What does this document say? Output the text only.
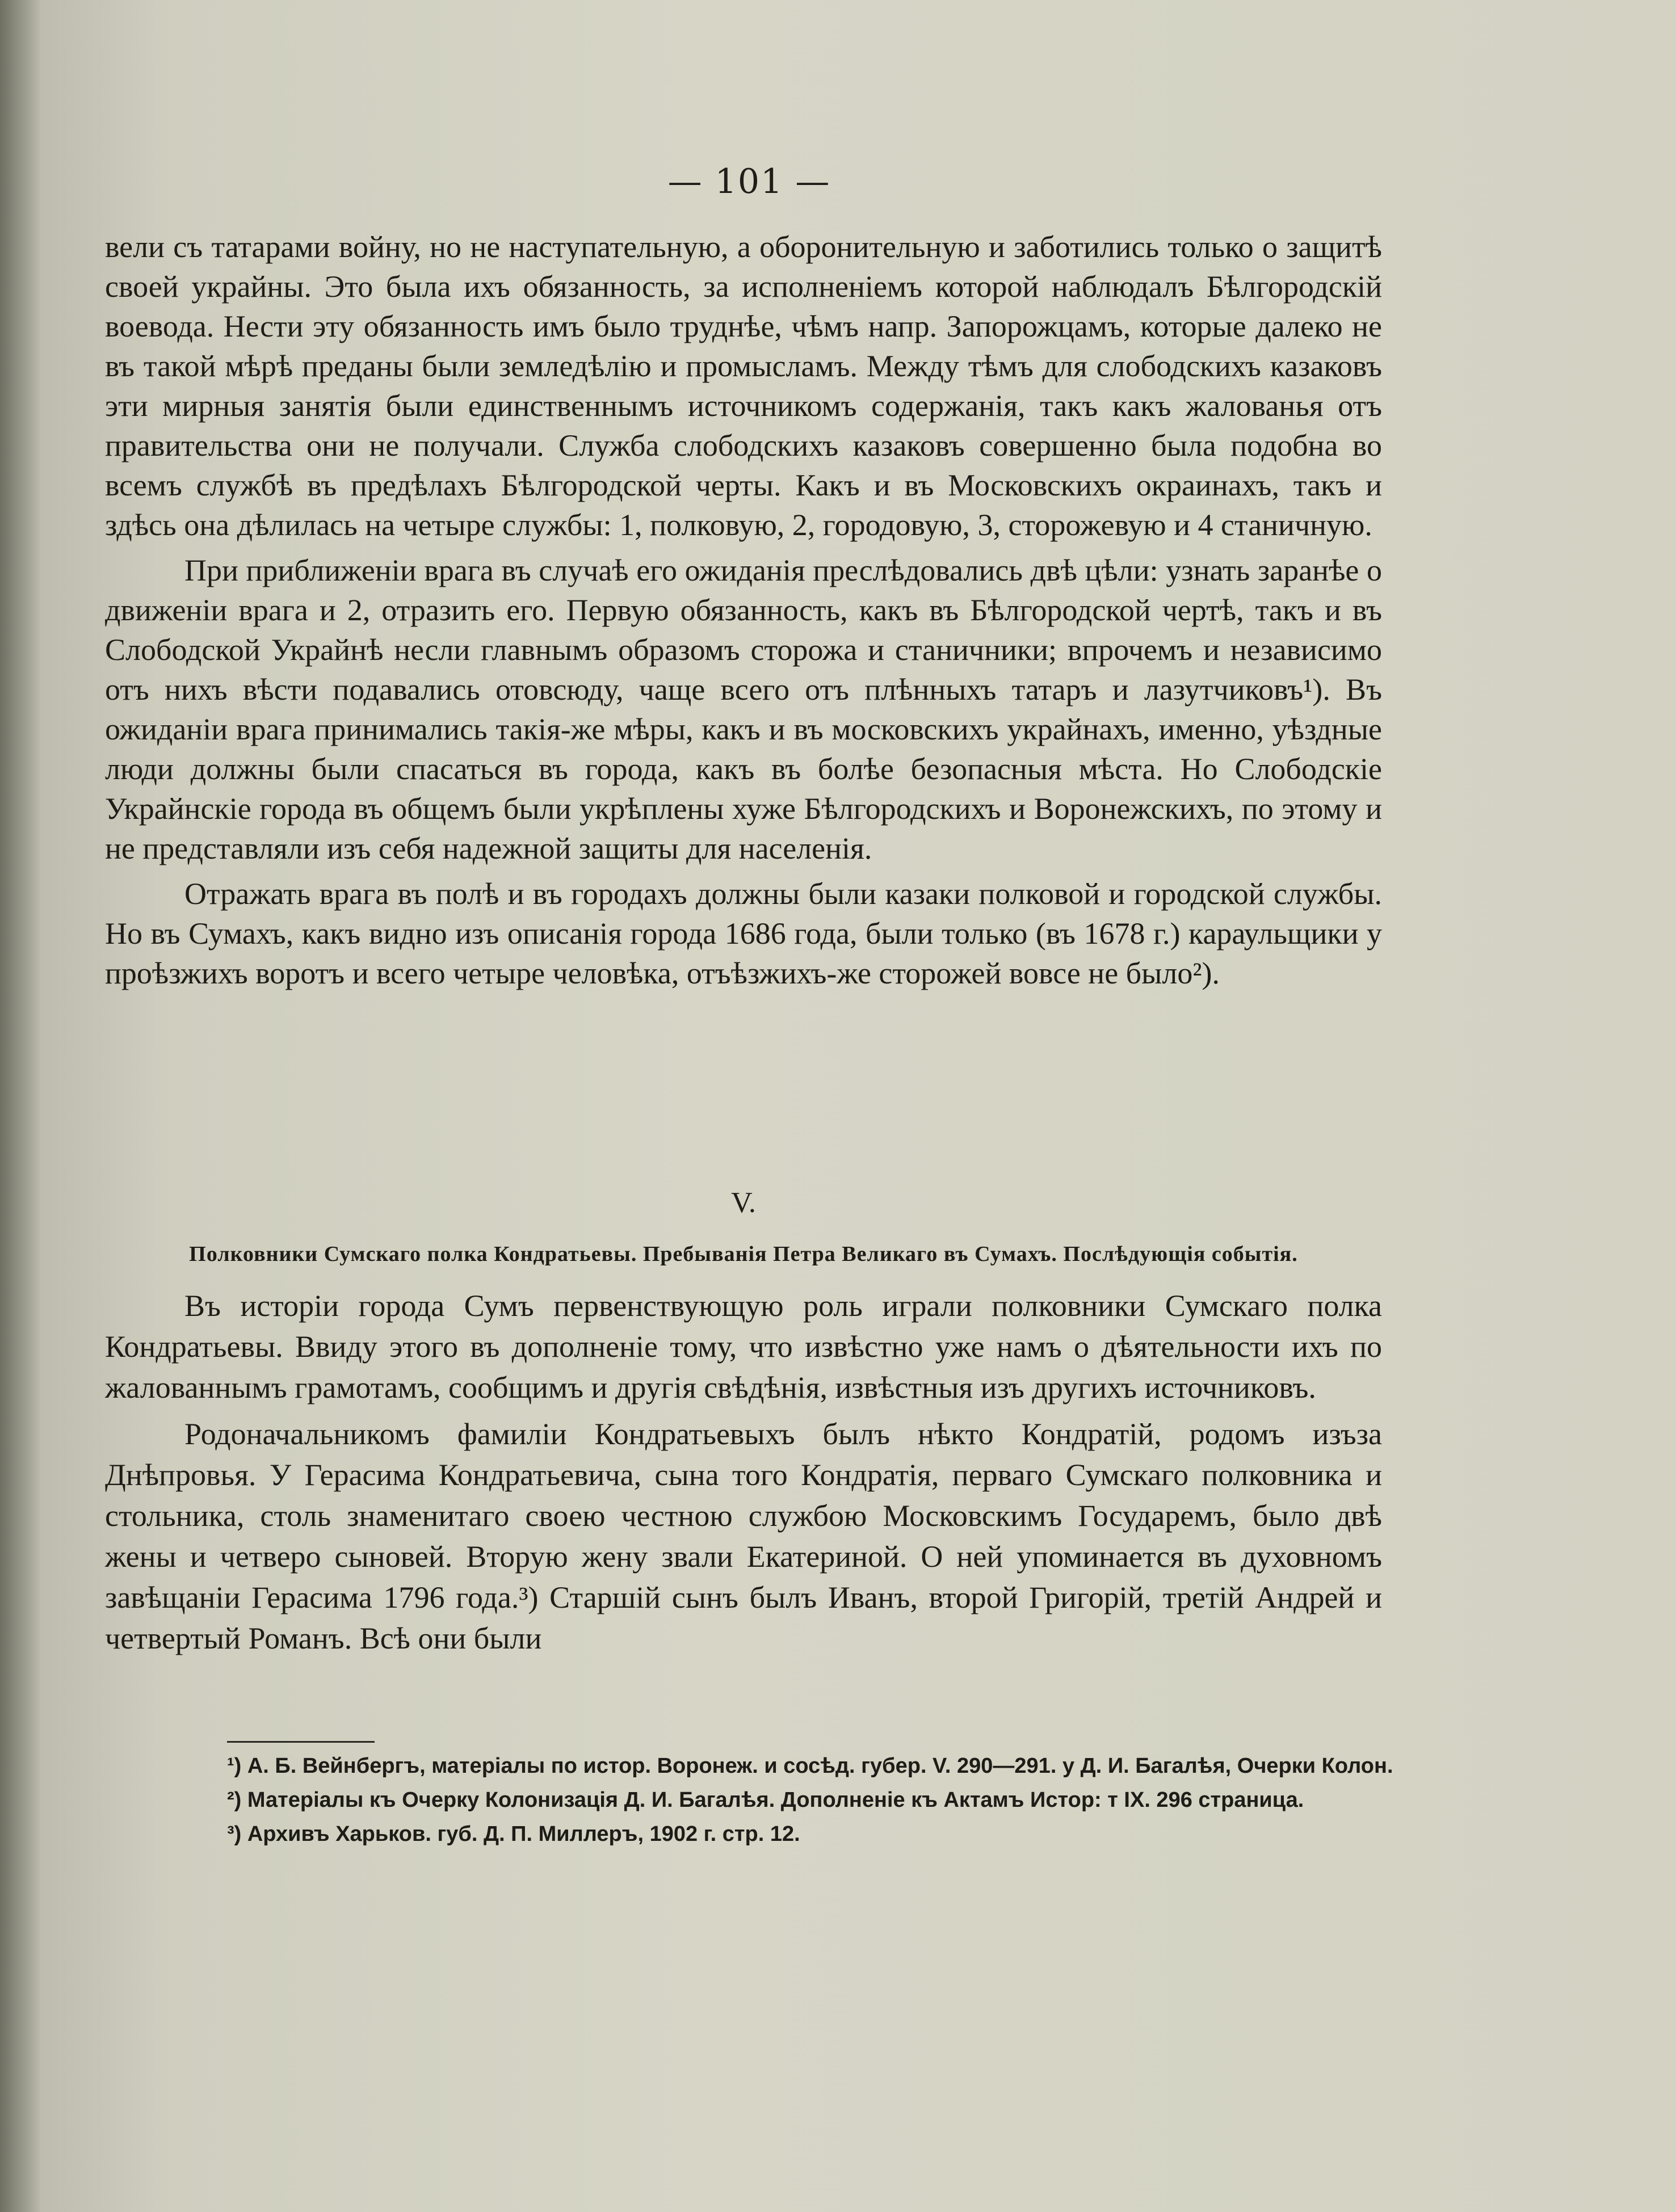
— 101 —

вели съ татарами войну, но не наступательную, а оборонительную и заботились только о защитѣ своей украйны. Это была ихъ обязанность, за исполненіемъ которой наблюдалъ Бѣлгородскій воевода. Нести эту обязанность имъ было труднѣе, чѣмъ напр. Запорожцамъ, которые далеко не въ такой мѣрѣ преданы были земледѣлію и промысламъ. Между тѣмъ для слободскихъ казаковъ эти мирныя занятія были единственнымъ источникомъ содержанія, такъ какъ жалованья отъ правительства они не получали. Служба слободскихъ казаковъ совершенно была подобна во всемъ службѣ въ предѣлахъ Бѣлгородской черты. Какъ и въ Московскихъ окраинахъ, такъ и здѣсь она дѣлилась на четыре службы: 1, полковую, 2, городовую, 3, сторожевую и 4 станичную.

При приближеніи врага въ случаѣ его ожиданія преслѣдовались двѣ цѣли: узнать заранѣе о движеніи врага и 2, отразить его. Первую обязанность, какъ въ Бѣлгородской чертѣ, такъ и въ Слободской Украйнѣ несли главнымъ образомъ сторожа и станичники; впрочемъ и независимо отъ нихъ вѣсти подавались отовсюду, чаще всего отъ плѣнныхъ татаръ и лазутчиковъ¹). Въ ожиданіи врага принимались такія-же мѣры, какъ и въ московскихъ украйнахъ, именно, уѣздные люди должны были спасаться въ города, какъ въ болѣе безопасныя мѣста. Но Слободскіе Украйнскіе города въ общемъ были укрѣплены хуже Бѣлгородскихъ и Воронежскихъ, по этому и не представляли изъ себя надежной защиты для населенія.

Отражать врага въ полѣ и въ городахъ должны были казаки полковой и городской службы. Но въ Сумахъ, какъ видно изъ описанія города 1686 года, были только (въ 1678 г.) караульщики у проѣзжихъ воротъ и всего четыре человѣка, отъѣзжихъ-же сторожей вовсе не было²).

V.
Полковники Сумскаго полка Кондратьевы. Пребыванія Петра Великаго въ Сумахъ. Послѣдующія событія.

Въ исторіи города Сумъ первенствующую роль играли полковники Сумскаго полка Кондратьевы. Ввиду этого въ дополненіе тому, что извѣстно уже намъ о дѣятельности ихъ по жалованнымъ грамотамъ, сообщимъ и другія свѣдѣнія, извѣстныя изъ другихъ источниковъ.

Родоначальникомъ фамиліи Кондратьевыхъ былъ нѣкто Кондратій, родомъ изъза Днѣпровья. У Герасима Кондратьевича, сына того Кондратія, перваго Сумскаго полковника и стольника, столь знаменитаго своею честною службою Московскимъ Государемъ, было двѣ жены и четверо сыновей. Вторую жену звали Екатериной. О ней упоминается въ духовномъ завѣщаніи Герасима 1796 года.³) Старшій сынъ былъ Иванъ, второй Григорій, третій Андрей и четвертый Романъ. Всѣ они были

¹) А. Б. Вейнбергъ, матеріалы по истор. Воронеж. и сосѣд. губер. V. 290—291. у Д. И. Багалѣя, Очерки Колон.

²) Матеріалы къ Очерку Колонизація Д. И. Багалѣя. Дополненіе къ Актамъ Истор: т IX. 296 страница.

³) Архивъ Харьков. губ. Д. П. Миллеръ, 1902 г. стр. 12.
